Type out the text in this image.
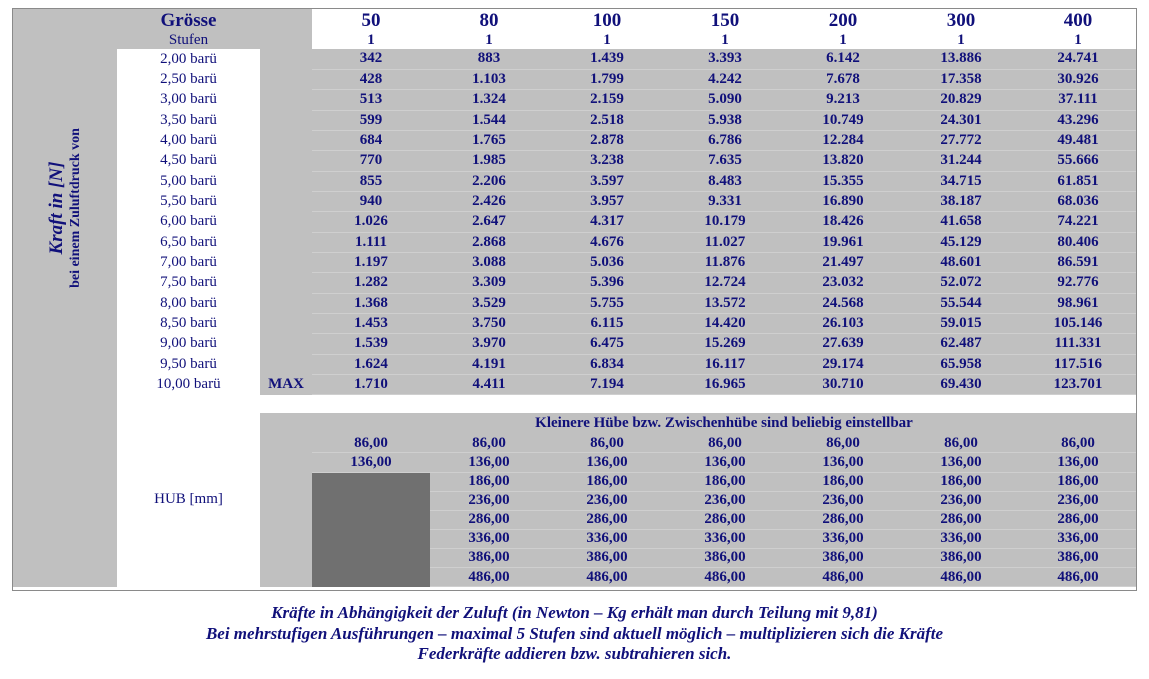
Kraft in [N] bei einem Zuluftdruck von	Grösse		50	80	100	150	200	300	400
	Stufen		1	1	1	1	1	1	1
	2,00 barü		342	883	1.439	3.393	6.142	13.886	24.741
	2,50 barü		428	1.103	1.799	4.242	7.678	17.358	30.926
	3,00 barü		513	1.324	2.159	5.090	9.213	20.829	37.111
	3,50 barü		599	1.544	2.518	5.938	10.749	24.301	43.296
	4,00 barü		684	1.765	2.878	6.786	12.284	27.772	49.481
	4,50 barü		770	1.985	3.238	7.635	13.820	31.244	55.666
	5,00 barü		855	2.206	3.597	8.483	15.355	34.715	61.851
	5,50 barü		940	2.426	3.957	9.331	16.890	38.187	68.036
	6,00 barü		1.026	2.647	4.317	10.179	18.426	41.658	74.221
	6,50 barü		1.111	2.868	4.676	11.027	19.961	45.129	80.406
	7,00 barü		1.197	3.088	5.036	11.876	21.497	48.601	86.591
	7,50 barü		1.282	3.309	5.396	12.724	23.032	52.072	92.776
	8,00 barü		1.368	3.529	5.755	13.572	24.568	55.544	98.961
	8,50 barü		1.453	3.750	6.115	14.420	26.103	59.015	105.146
	9,00 barü		1.539	3.970	6.475	15.269	27.639	62.487	111.331
	9,50 barü		1.624	4.191	6.834	16.117	29.174	65.958	117.516
	10,00 barü	MAX	1.710	4.411	7.194	16.965	30.710	69.430	123.701

	HUB [mm]		Kleinere Hübe bzw. Zwischenhübe sind beliebig einstellbar						
			86,00	86,00	86,00	86,00	86,00	86,00	86,00
			136,00	136,00	136,00	136,00	136,00	136,00	136,00
				186,00	186,00	186,00	186,00	186,00	186,00
				236,00	236,00	236,00	236,00	236,00	236,00
				286,00	286,00	286,00	286,00	286,00	286,00
				336,00	336,00	336,00	336,00	336,00	336,00
				386,00	386,00	386,00	386,00	386,00	386,00
				486,00	486,00	486,00	486,00	486,00	486,00
Kräfte in Abhängigkeit der Zuluft (in Newton – Kg erhält man durch Teilung mit 9,81)
Bei mehrstufigen Ausführungen – maximal 5 Stufen sind aktuell möglich – multiplizieren sich die Kräfte
Federkräfte addieren bzw. subtrahieren sich.
